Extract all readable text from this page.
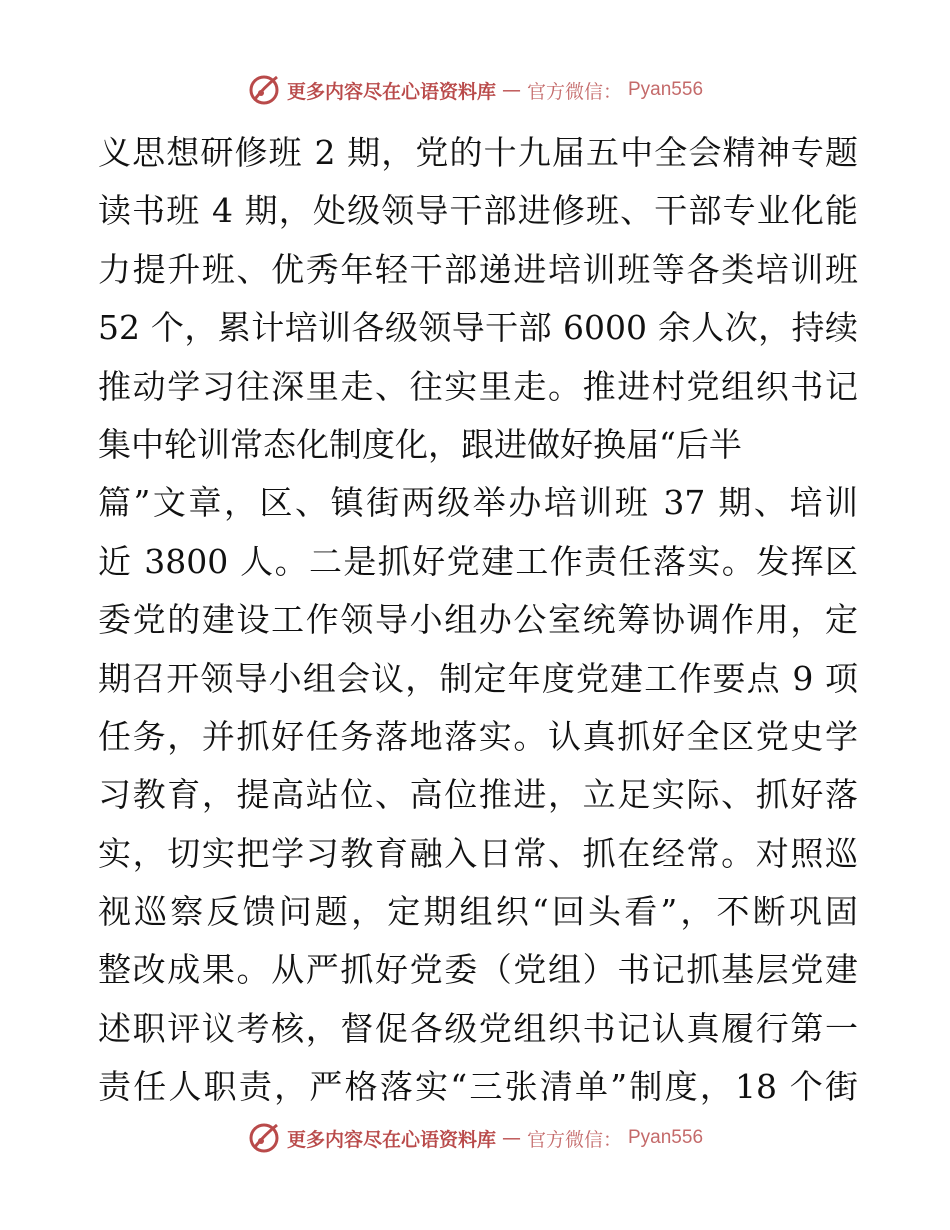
更多内容尽在心语资料库 — 官方微信： Pyan556
义思想研修班 2 期，党的十九届五中全会精神专题
读书班 4 期，处级领导干部进修班、干部专业化能
力提升班、优秀年轻干部递进培训班等各类培训班
52 个，累计培训各级领导干部 6000 余人次，持续
推动学习往深里走、往实里走。推进村党组织书记
集中轮训常态化制度化，跟进做好换届“后半
篇”文章，区、镇街两级举办培训班 37 期、培训
近 3800 人。二是抓好党建工作责任落实。发挥区
委党的建设工作领导小组办公室统筹协调作用，定
期召开领导小组会议，制定年度党建工作要点 9 项
任务，并抓好任务落地落实。认真抓好全区党史学
习教育，提高站位、高位推进，立足实际、抓好落
实，切实把学习教育融入日常、抓在经常。对照巡
视巡察反馈问题，定期组织“回头看”，不断巩固
整改成果。从严抓好党委（党组）书记抓基层党建
述职评议考核，督促各级党组织书记认真履行第一
责任人职责，严格落实“三张清单”制度，18 个街
更多内容尽在心语资料库 — 官方微信： Pyan556
